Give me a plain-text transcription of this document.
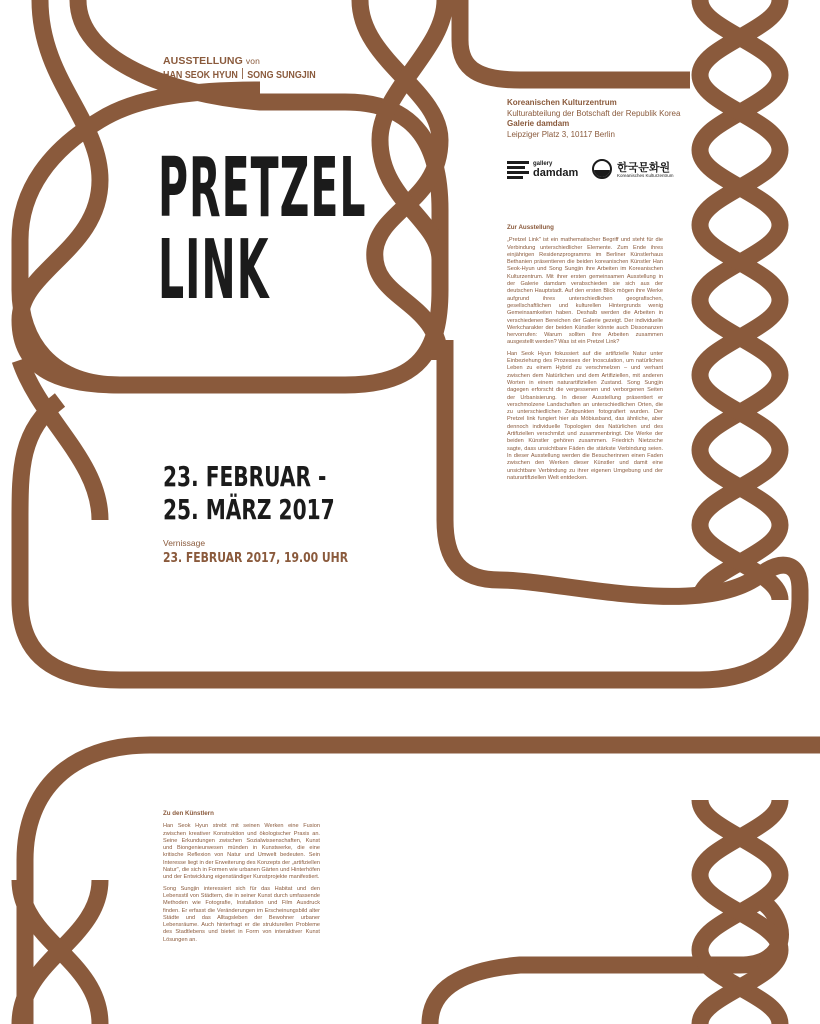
AUSSTELLUNG von
HAN SEOK HYUN SONG SUNGJIN
PRETZEL
LINK
23. FEBRUAR -
25. MÄRZ 2017
Vernissage
23. FEBRUAR 2017, 19.00 UHR
Koreanischen Kulturzentrum
Kulturabteilung der Botschaft der Republik Korea
Galerie damdam
Leipziger Platz 3, 10117 Berlin
gallery
damdam	한국문화원
Koreanisches Kulturzentrum
Zur Ausstellung

„Pretzel Link" ist ein mathematischer Begriff und steht für die Verbindung unterschiedlicher Elemente. Zum Ende ihres einjährigen Residenzprogramms im Berliner Künstlerhaus Bethanien präsentieren die beiden koreanischen Künstler Han Seok-Hyun und Song Sungjin ihre Arbeiten im Koreanischen Kulturzentrum. Mit ihrer ersten gemeinsamen Ausstellung in der Galerie damdam verabschieden sie sich aus der deutschen Hauptstadt. Auf den ersten Blick mögen ihre Werke aufgrund ihres unterschiedlichen geografischen, gesellschaftlichen und kulturellen Hintergrunds wenig Gemeinsamkeiten haben. Deshalb werden die Arbeiten in verschiedenen Bereichen der Galerie gezeigt. Der individuelle Werkcharakter der beiden Künstler könnte auch Dissonanzen hervorrufen: Warum sollten ihre Arbeiten zusammen ausgestellt werden? Was ist ein Pretzel Link?

Han Seok Hyun fokussiert auf die artifizielle Natur unter Einbeziehung des Prozesses der Inosculation, um natürliches Leben zu einem Hybrid zu verschmelzen – und verhant zwischen dem Natürlichen und dem Artifiziellen, mit anderen Worten in einem naturartifiziellen Zustand. Song Sungjin dagegen erforscht die vergessenen und verborgenen Seiten der Urbanisierung. In dieser Ausstellung präsentiert er verschmolzene Landschaften an unterschiedlichen Orten, die zu unterschiedlichen Zeitpunkten fotografiert wurden. Der Pretzel link fungiert hier als Möbiusband, das ähnliche, aber dennoch individuelle Topologien des Natürlichen und des Artifiziellen verschmilzt und zusammenbringt. Die Werke der beiden Künstler gehören zusammen. Friedrich Nietzsche sagte, dass unsichtbare Fäden die stärkste Verbindung seien. In dieser Ausstellung werden die Besucherinnen einen Faden zwischen den Werken dieser Künstler und damit eine unsichtbare Verbindung zu ihrer eigenen Umgebung und der naturartifiziellen Welt entdecken.

Zu den Künstlern

Han Seok Hyun strebt mit seinen Werken eine Fusion zwischen kreativer Konstruktion und ökologischer Praxis an. Seine Erkundungen zwischen Sozialwissenschaften, Kunst und Biongenieurwesen münden in Kunstwerke, die eine kritische Reflexion von Natur und Umwelt bedeuten. Sein Interesse liegt in der Erweiterung des Konzepts der „artifiziellen Natur", die sich in Formen wie urbanen Gärten und Hinterhöfen und der Entwicklung eigenständiger Kunstprojekte manifestiert.

Song Sungjin interessiert sich für das Habitat und den Lebensstil von Städtern, die in seiner Kunst durch umfassende Methoden wie Fotografie, Installation und Film Ausdruck finden. Er erfasst die Veränderungen im Erscheinungsbild alter Städte und das Alltagsleben der Bewohner urbaner Lebensräume. Auch hinterfragt er die strukturellen Probleme des Stadtlebens und bietet in Form von interaktiver Kunst Lösungen an.
